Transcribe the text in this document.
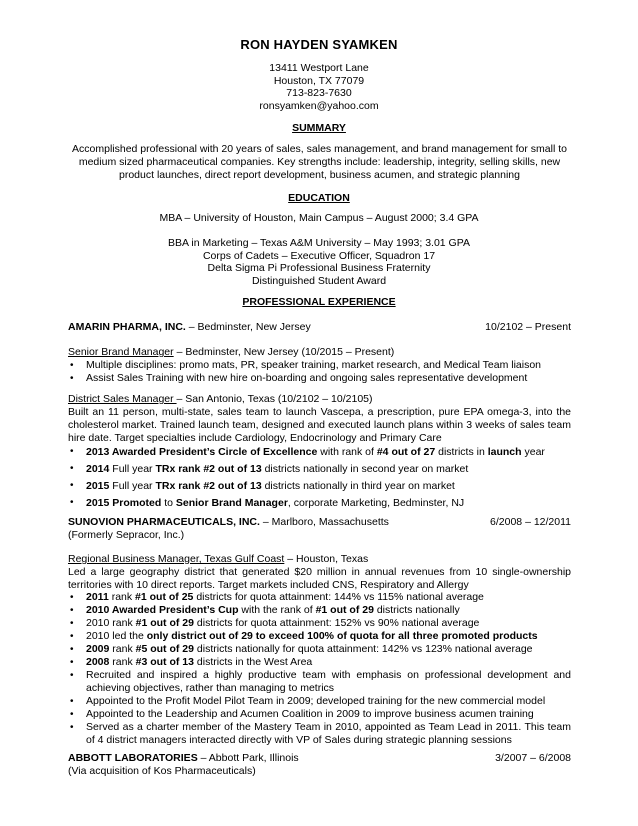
RON HAYDEN SYAMKEN
13411 Westport Lane
Houston, TX 77079
713-823-7630
ronsyamken@yahoo.com
SUMMARY
Accomplished professional with 20 years of sales, sales management, and brand management for small to medium sized pharmaceutical companies. Key strengths include: leadership, integrity, selling skills, new product launches, direct report development, business acumen, and strategic planning
EDUCATION
MBA – University of Houston, Main Campus – August 2000; 3.4 GPA
BBA in Marketing – Texas A&M University – May 1993; 3.01 GPA
Corps of Cadets – Executive Officer, Squadron 17
Delta Sigma Pi Professional Business Fraternity
Distinguished Student Award
PROFESSIONAL EXPERIENCE
AMARIN PHARMA, INC. – Bedminster, New Jersey	10/2102 – Present
Senior Brand Manager – Bedminster, New Jersey (10/2015 – Present)
• Multiple disciplines: promo mats, PR, speaker training, market research, and Medical Team liaison
• Assist Sales Training with new hire on-boarding and ongoing sales representative development
District Sales Manager – San Antonio, Texas (10/2102 – 10/2105)
Built an 11 person, multi-state, sales team to launch Vascepa, a prescription, pure EPA omega-3, into the cholesterol market. Trained launch team, designed and executed launch plans within 3 weeks of sales team hire date. Target specialties include Cardiology, Endocrinology and Primary Care
• 2013 Awarded President’s Circle of Excellence with rank of #4 out of 27 districts in launch year
• 2014 Full year TRx rank #2 out of 13 districts nationally in second year on market
• 2015 Full year TRx rank #2 out of 13 districts nationally in third year on market
• 2015 Promoted to Senior Brand Manager, corporate Marketing, Bedminster, NJ
SUNOVION PHARMACEUTICALS, INC. – Marlboro, Massachusetts	6/2008 – 12/2011
(Formerly Sepracor, Inc.)
Regional Business Manager, Texas Gulf Coast – Houston, Texas
Led a large geography district that generated $20 million in annual revenues from 10 single-ownership territories with 10 direct reports. Target markets included CNS, Respiratory and Allergy
• 2011 rank #1 out of 25 districts for quota attainment: 144% vs 115% national average
• 2010 Awarded President’s Cup with the rank of #1 out of 29 districts nationally
• 2010 rank #1 out of 29 districts for quota attainment: 152% vs 90% national average
• 2010 led the only district out of 29 to exceed 100% of quota for all three promoted products
• 2009 rank #5 out of 29 districts nationally for quota attainment: 142% vs 123% national average
• 2008 rank #3 out of 13 districts in the West Area
• Recruited and inspired a highly productive team with emphasis on professional development and achieving objectives, rather than managing to metrics
• Appointed to the Profit Model Pilot Team in 2009; developed training for the new commercial model
• Appointed to the Leadership and Acumen Coalition in 2009 to improve business acumen training
• Served as a charter member of the Mastery Team in 2010, appointed as Team Lead in 2011. This team of 4 district managers interacted directly with VP of Sales during strategic planning sessions
ABBOTT LABORATORIES – Abbott Park, Illinois	3/2007 – 6/2008
(Via acquisition of Kos Pharmaceuticals)
